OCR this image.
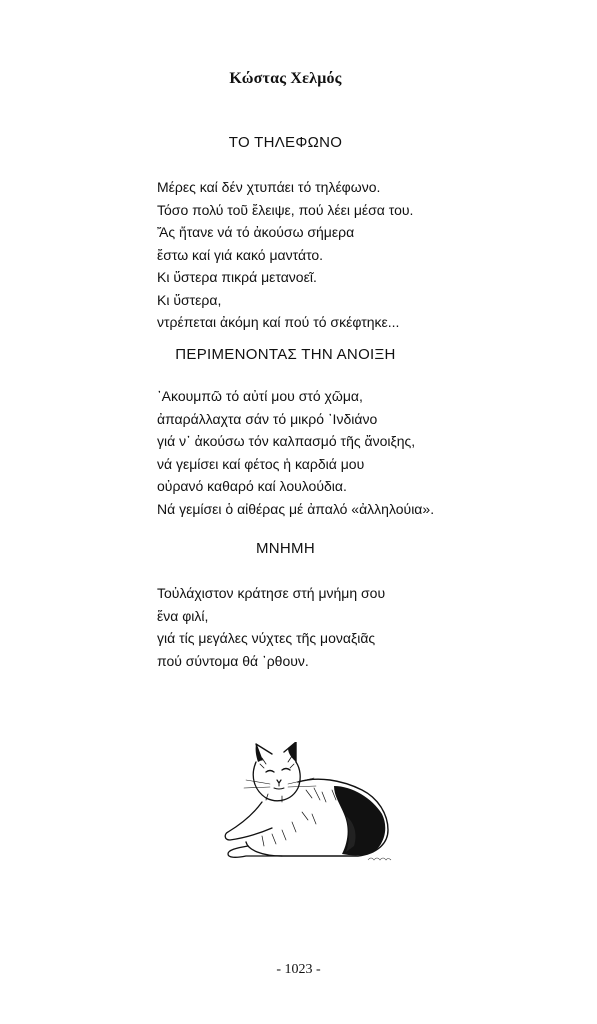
Κώστας Χελμός
ΤΟ ΤΗΛΕΦΩΝΟ
Μέρες καί δέν χτυπάει τό τηλέφωνο.
Τόσο πολύ τοῦ ἔλειψε, πού λέει μέσα του.
Ἄς ἤτανε νά τό ἀκούσω σήμερα
ἔστω καί γιά κακό μαντάτο.
Κι ὕστερα πικρά μετανοεῖ.
Κι ὕστερα,
ντρέπεται ἀκόμη καί πού τό σκέφτηκε...
ΠΕΡΙΜΕΝΟΝΤΑΣ ΤΗΝ ΑΝΟΙΞΗ
᾿Ακουμπῶ τό αὐτί μου στό χῶμα,
ἀπαράλλαχτα σάν τό μικρό ᾿Ινδιάνο
γιά ν᾿ ἀκούσω τόν καλπασμό τῆς ἄνοιξης,
νά γεμίσει καί φέτος ἡ καρδιά μου
οὐρανό καθαρό καί λουλούδια.
Νά γεμίσει ὁ αἰθέρας μέ ἀπαλό «ἀλληλούια».
ΜΝΗΜΗ
Τοὐλάχιστον κράτησε στή μνήμη σου
ἕνα φιλί,
γιά τίς μεγάλες νύχτες τῆς μοναξιᾶς
πού σύντομα θά ᾿ρθουν.
- 1023 -
